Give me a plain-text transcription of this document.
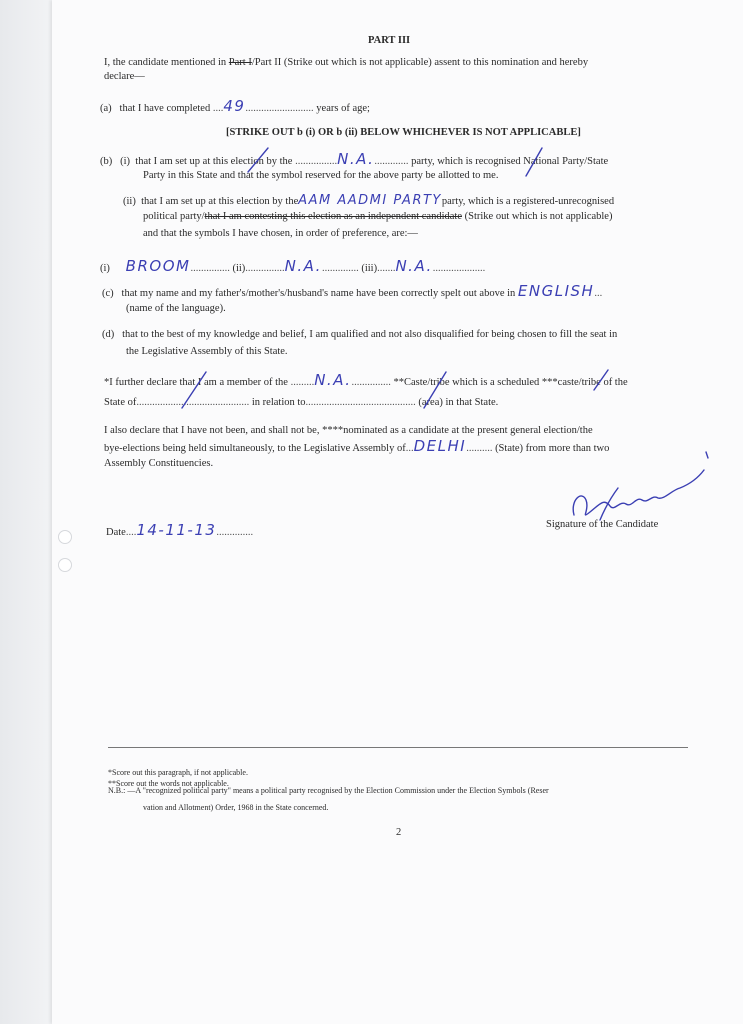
PART III
I, the candidate mentioned in Part I/Part II (Strike out which is not applicable) assent to this nomination and hereby
declare—
(a) that I have completed ....49.......................... years of age;
[STRIKE OUT b (i) OR b (ii) BELOW WHICHEVER IS NOT APPLICABLE]
(b) (i) that I am set up at this election by the ................N.A.............. party, which is recognised National Party/State
Party in this State and that the symbol reserved for the above party be allotted to me.
(ii) that I am set up at this election by theAAM AADMI PARTYparty, which is a registered-unrecognised
political party/that I am contesting this election as an independent candidate (Strike out which is not applicable)
and that the symbols I have chosen, in order of preference, are:—
(i) BROOM............... (ii)...............N.A............... (iii).......N.A.....................
(c) that my name and my father's/mother's/husband's name have been correctly spelt out above in ENGLISH...
(name of the language).
(d) that to the best of my knowledge and belief, I am qualified and not also disqualified for being chosen to fill the seat in
the Legislative Assembly of this State.
*I further declare that I am a member of the .........N.A................ **Caste/tribe which is a scheduled ***caste/tribe of the
State of........................................... in relation to.......................................... (area) in that State.
I also declare that I have not been, and shall not be, ****nominated as a candidate at the present general election/the
bye-elections being held simultaneously, to the Legislative Assembly of...DELHI.......... (State) from more than two
Assembly Constituencies.
Date....14-11-13..............
Signature of the Candidate
*Score out this paragraph, if not applicable.
**Score out the words not applicable.
N.B.: —A "recognized political party" means a political party recognised by the Election Commission under the Election Symbols (Reser
vation and Allotment) Order, 1968 in the State concerned.
2
